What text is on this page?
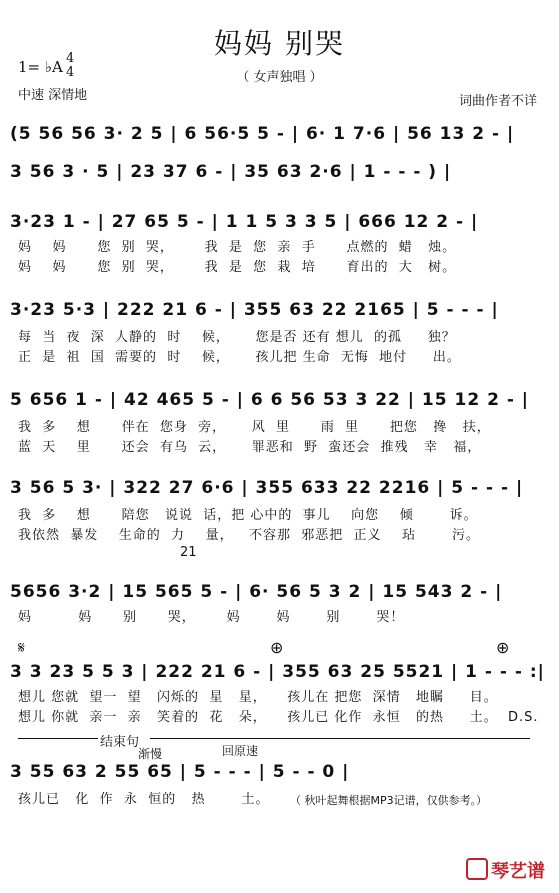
妈妈 别哭
（ 女声独唱 ）
1= ♭A 4
4
中速 深情地	词曲作者不详
(5 56 56 3· 2 5 | 6 56·5 5 - | 6· 1 7·6 | 56 13 2 - |
3 56 3 · 5 | 23 37 6 - | 35 63 2·6 | 1 - - - ) |
3·23 1 - | 27 65 5 - | 1 1 5 3 3 5 | 666 12 2 - |
妈    妈      您  别  哭，      我  是  您  亲  手      点燃的  蜡   烛。
妈    妈      您  别  哭，      我  是  您  栽  培      育出的  大   树。
3·23 5·3 | 222 21 6 - | 355 63 22 2165 | 5 - - - |
每  当  夜  深  人静的  时    候，     您是否 还有 想儿  的孤     独？
正  是  祖  国  需要的  时    候，     孩儿把 生命  无悔  地付     出。
5 656 1 - | 42 465 5 - | 6 6 56 53 3 22 | 15 12 2 - |
我  多    想      伴在  您身  旁，     风  里      雨  里      把您   搀   扶，
蓝  天    里      还会  有乌  云，     罪恶和  野  蛮还会  推残   幸   福，
3 56 5 3· | 322 27 6·6 | 355 633 22 2216 | 5 - - - |
我  多    想      陪您   说说  话，把 心中的  事儿    向您    倾       诉。
我依然  暴发    生命的  力    量，   不容那  邪恶把  正义    玷       污。
21
5656 3·2 | 15 565 5 - | 6· 56 5 3 2 | 15 543 2 - |
妈         妈      别      哭，      妈       妈       别       哭！
𝄋	⊕	⊕
3 3 23 5 5 3 | 222 21 6 - | 355 63 25 5521 | 1 - - - :|
想儿 您就  望一  望   闪烁的  星   星，    孩儿在 把您  深情   地瞩     目。
想儿 你就  亲一  亲   笑着的  花   朵，    孩儿已 化作  永恒   的热     土。  D.S.
结束句
渐慢	回原速
3 55 63 2 55 65 | 5 - - - | 5 - - 0 |
孩儿已   化  作  永  恒的   热       土。	（ 秋叶起舞根据MP3记谱，仅供参考。）
琴艺谱
